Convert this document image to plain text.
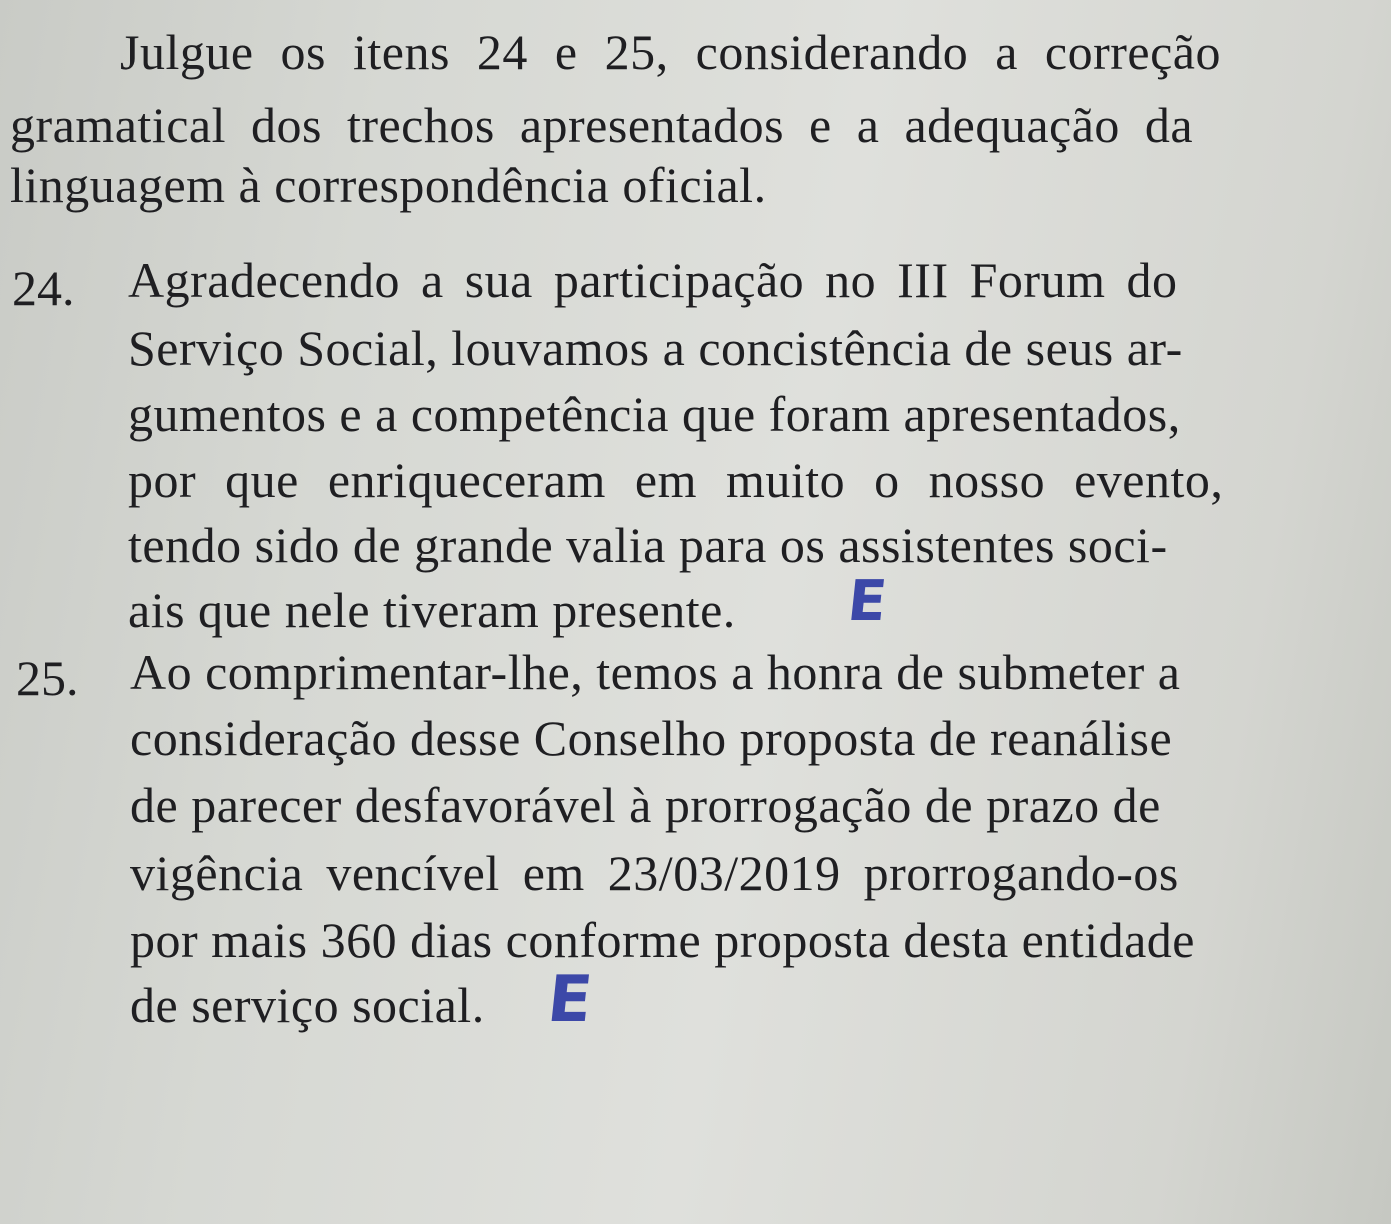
Julgue os itens 24 e 25, considerando a correção
gramatical dos trechos apresentados e a adequação da
linguagem à correspondência oficial.
24. Agradecendo a sua participação no III Forum do
Serviço Social, louvamos a concistência de seus ar-
gumentos e a competência que foram apresentados,
por que enriqueceram em muito o nosso evento,
tendo sido de grande valia para os assistentes soci-
ais que nele tiveram presente. E
25. Ao comprimentar-lhe, temos a honra de submeter a
consideração desse Conselho proposta de reanálise
de parecer desfavorável à prorrogação de prazo de
vigência vencível em 23/03/2019 prorrogando-os
por mais 360 dias conforme proposta desta entidade
de serviço social. E
